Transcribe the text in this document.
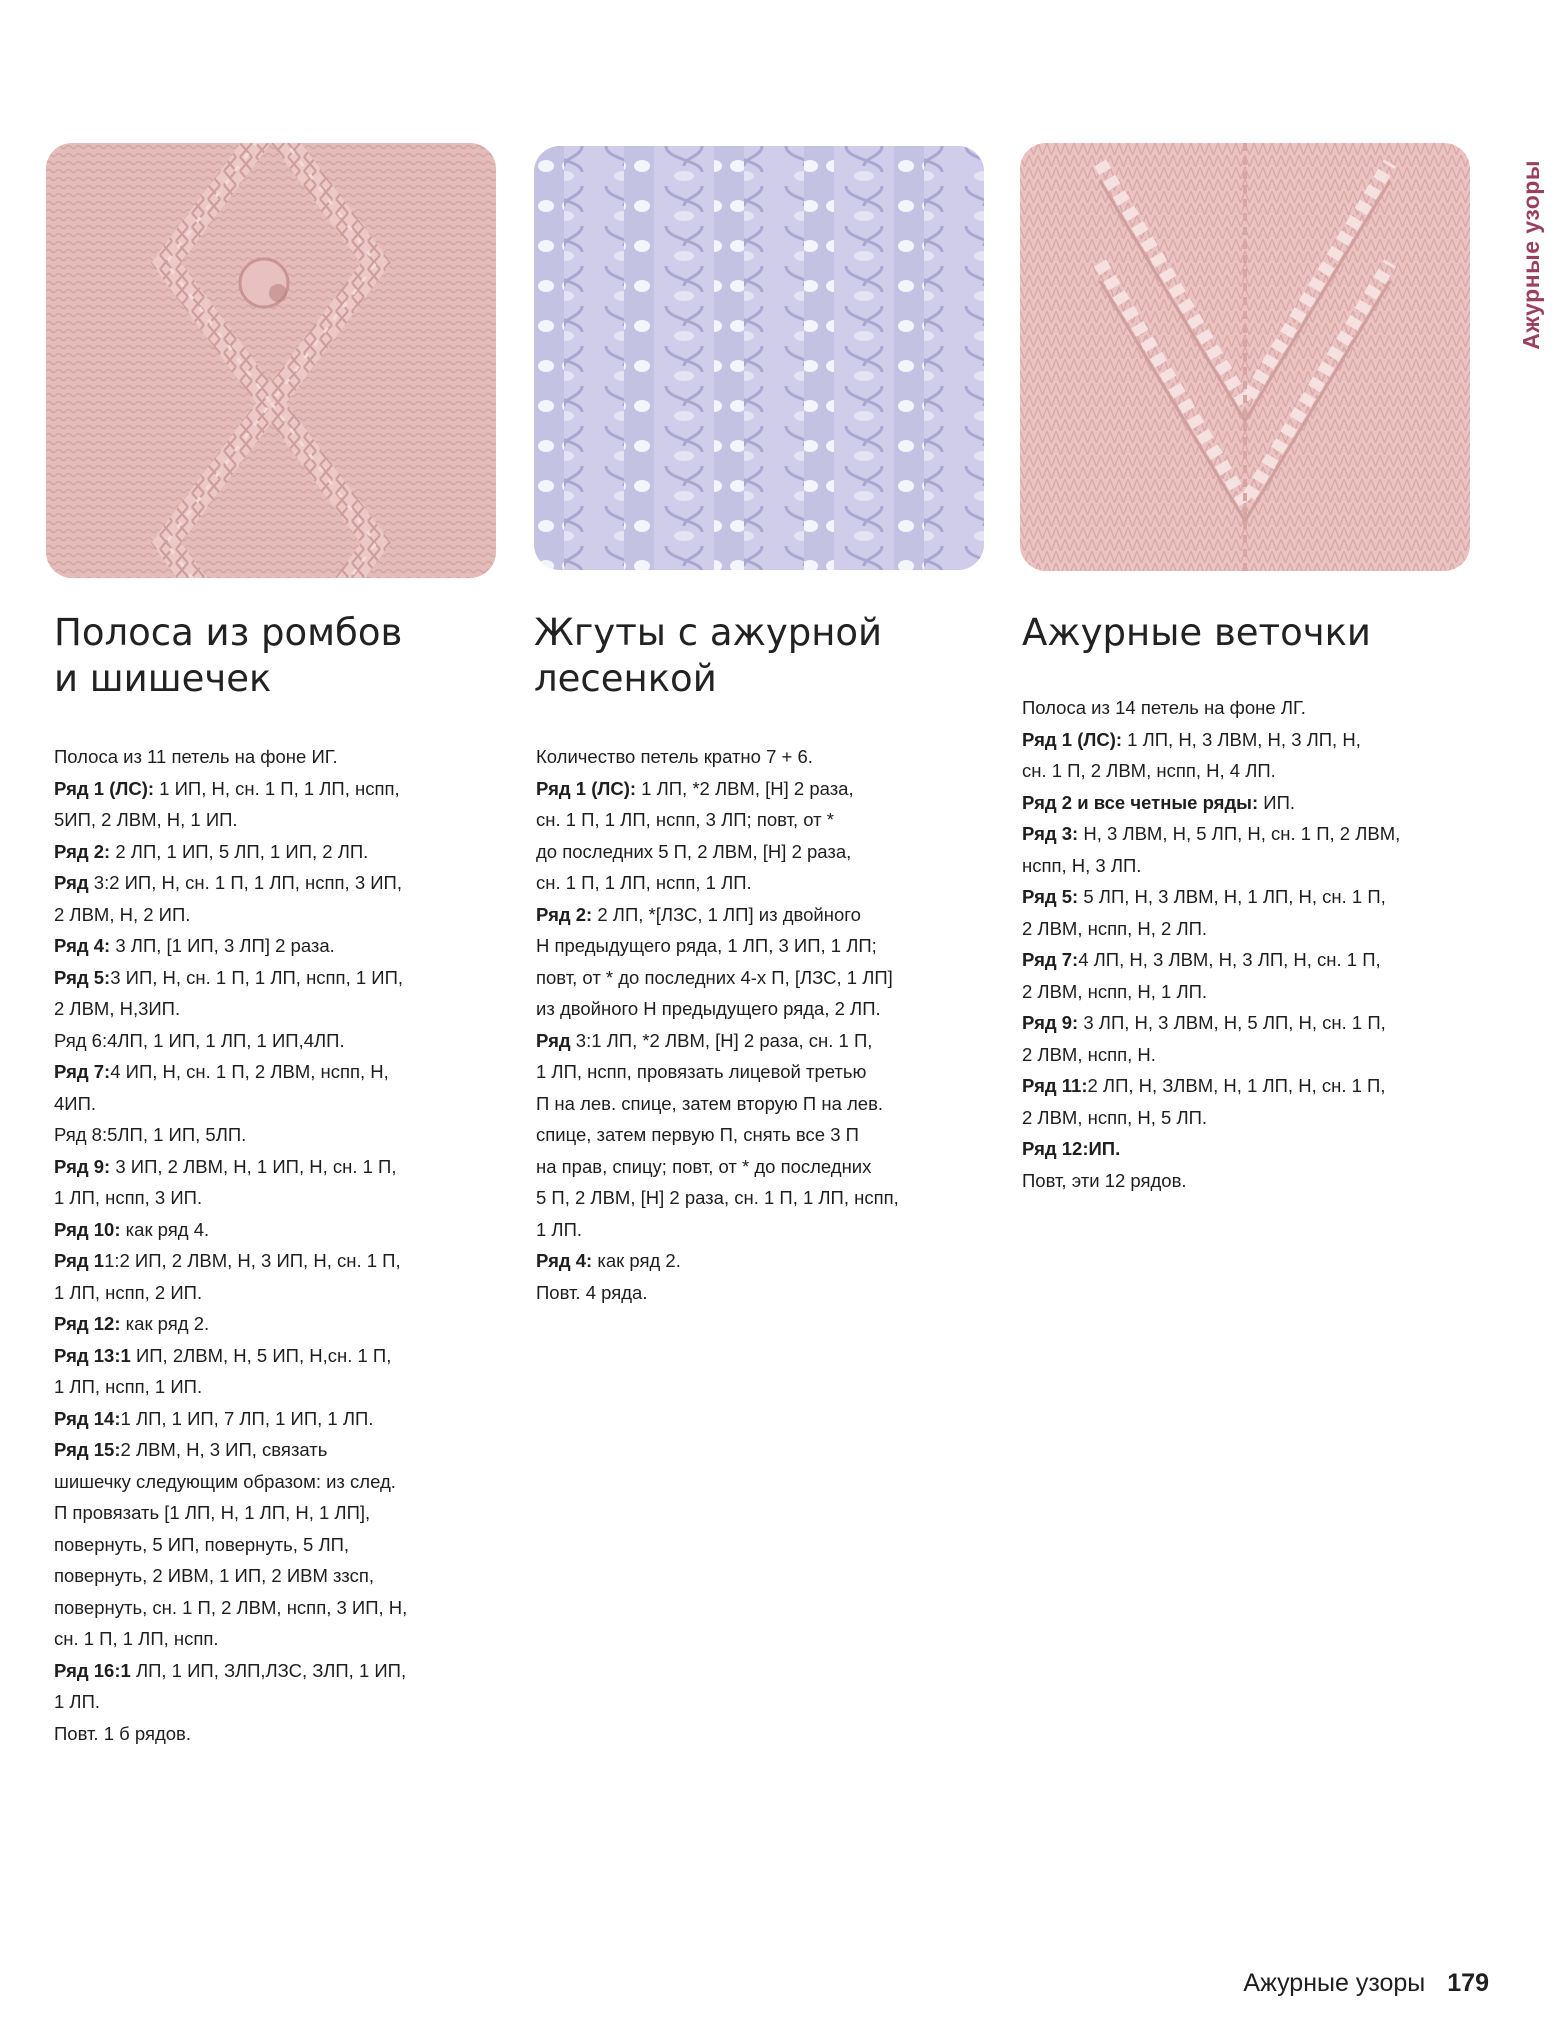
Ажурные узоры
Полоса из ромбов
и шишечек
Полоса из 11 петель на фоне ИГ.
Ряд 1 (ЛС): 1 ИП, Н, сн. 1 П, 1 ЛП, нспп,
5ИП, 2 ЛВМ, Н, 1 ИП.
Ряд 2: 2 ЛП, 1 ИП, 5 ЛП, 1 ИП, 2 ЛП.
Ряд 3:2 ИП, Н, сн. 1 П, 1 ЛП, нспп, 3 ИП,
2 ЛВМ, Н, 2 ИП.
Ряд 4: 3 ЛП, [1 ИП, 3 ЛП] 2 раза.
Ряд 5:3 ИП, Н, сн. 1 П, 1 ЛП, нспп, 1 ИП,
2 ЛВМ, Н,3ИП.
Ряд 6:4ЛП, 1 ИП, 1 ЛП, 1 ИП,4ЛП.
Ряд 7:4 ИП, Н, сн. 1 П, 2 ЛВМ, нспп, Н,
4ИП.
Ряд 8:5ЛП, 1 ИП, 5ЛП.
Ряд 9: 3 ИП, 2 ЛВМ, Н, 1 ИП, Н, сн. 1 П,
1 ЛП, нспп, 3 ИП.
Ряд 10: как ряд 4.
Ряд 11:2 ИП, 2 ЛВМ, Н, 3 ИП, Н, сн. 1 П,
1 ЛП, нспп, 2 ИП.
Ряд 12: как ряд 2.
Ряд 13:1 ИП, 2ЛВМ, Н, 5 ИП, Н,сн. 1 П,
1 ЛП, нспп, 1 ИП.
Ряд 14:1 ЛП, 1 ИП, 7 ЛП, 1 ИП, 1 ЛП.
Ряд 15:2 ЛВМ, Н, 3 ИП, связать
шишечку следующим образом: из след.
П провязать [1 ЛП, Н, 1 ЛП, Н, 1 ЛП],
повернуть, 5 ИП, повернуть, 5 ЛП,
повернуть, 2 ИВМ, 1 ИП, 2 ИВМ ззсп,
повернуть, сн. 1 П, 2 ЛВМ, нспп, 3 ИП, Н,
сн. 1 П, 1 ЛП, нспп.
Ряд 16:1 ЛП, 1 ИП, ЗЛП,ЛЗС, ЗЛП, 1 ИП,
1 ЛП.
Повт. 1 б рядов.
Жгуты с ажурной
лесенкой
Количество петель кратно 7 + 6.
Ряд 1 (ЛС): 1 ЛП, *2 ЛВМ, [Н] 2 раза,
сн. 1 П, 1 ЛП, нспп, 3 ЛП; повт, от *
до последних 5 П, 2 ЛВМ, [Н] 2 раза,
сн. 1 П, 1 ЛП, нспп, 1 ЛП.
Ряд 2: 2 ЛП, *[ЛЗС, 1 ЛП] из двойного
Н предыдущего ряда, 1 ЛП, 3 ИП, 1 ЛП;
повт, от * до последних 4-х П, [ЛЗС, 1 ЛП]
из двойного Н предыдущего ряда, 2 ЛП.
Ряд 3:1 ЛП, *2 ЛВМ, [Н] 2 раза, сн. 1 П,
1 ЛП, нспп, провязать лицевой третью
П на лев. спице, затем вторую П на лев.
спице, затем первую П, снять все 3 П
на прав, спицу; повт, от * до последних
5 П, 2 ЛВМ, [Н] 2 раза, сн. 1 П, 1 ЛП, нспп,
1 ЛП.
Ряд 4: как ряд 2.
Повт. 4 ряда.
Ажурные веточки
Полоса из 14 петель на фоне ЛГ.
Ряд 1 (ЛС): 1 ЛП, Н, 3 ЛВМ, Н, 3 ЛП, Н,
сн. 1 П, 2 ЛВМ, нспп, Н, 4 ЛП.
Ряд 2 и все четные ряды: ИП.
Ряд 3: Н, 3 ЛВМ, Н, 5 ЛП, Н, сн. 1 П, 2 ЛВМ,
нспп, Н, 3 ЛП.
Ряд 5: 5 ЛП, Н, 3 ЛВМ, Н, 1 ЛП, Н, сн. 1 П,
2 ЛВМ, нспп, Н, 2 ЛП.
Ряд 7:4 ЛП, Н, 3 ЛВМ, Н, 3 ЛП, Н, сн. 1 П,
2 ЛВМ, нспп, Н, 1 ЛП.
Ряд 9: 3 ЛП, Н, 3 ЛВМ, Н, 5 ЛП, Н, сн. 1 П,
2 ЛВМ, нспп, Н.
Ряд 11:2 ЛП, Н, ЗЛВМ, Н, 1 ЛП, Н, сн. 1 П,
2 ЛВМ, нспп, Н, 5 ЛП.
Ряд 12:ИП.
Повт, эти 12 рядов.
Ажурные узоры 179
